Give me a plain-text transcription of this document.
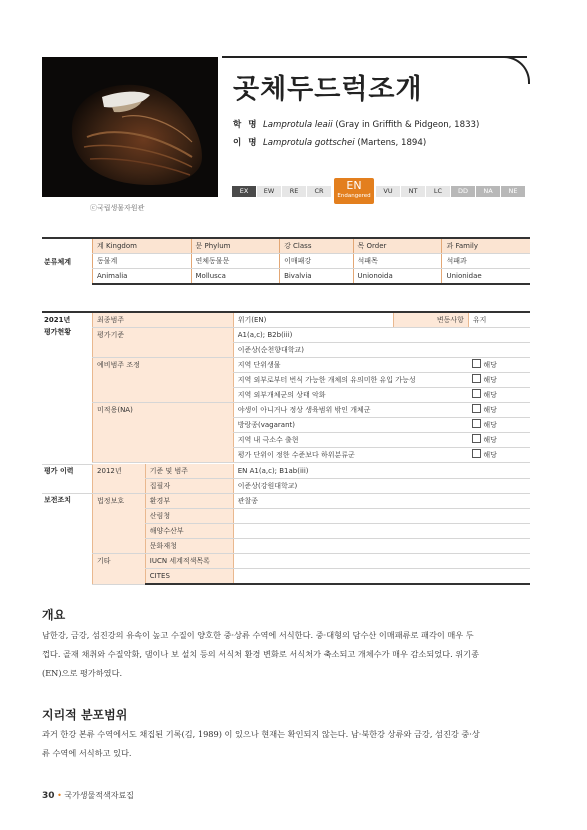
ⓒ국립생물자원관
곳체두드럭조개
학 명 Lamprotula leaii (Gray in Griffith & Pidgeon, 1833)
이 명 Lamprotula gottschei (Martens, 1894)
EX	EW	RE	CR	EN
Endangered
VU	NT	LC	DD	NA	NE
분류체계	계 Kingdom	문 Phylum	강 Class	목 Order	과 Family
	동물계	연체동물문	이매패강	석패목	석패과
	Animalia	Mollusca	Bivalvia	Unionoida	Unionidae
2021년
평가현황	최종범주		위기(EN)	변동사항	유지
	평가기준		A1(a,c); B2b(iii)		
			이준상(순천향대학교)		
	예비범주 조정		지역 단위생물		해당
			지역 외부로부터 번식 가능한 개체의 유의미한 유입 가능성		해당
			지역 외부개체군의 상태 악화		해당
	미적용(NA)		야생이 아니거나 정상 생육범위 밖인 개체군		해당
			방랑종(vagarant)		해당
			지역 내 극소수 출현		해당
			평가 단위이 정한 수준보다 하위분류군		해당

평가 이력	2012년	기준 및 범주	EN A1(a,c); B1ab(iii)		
		집필자	이준상(강원대학교)		
보전조치	법정보호	환경부	관찰종		
		산림청			
		해양수산부			
		문화재청			
	기타	IUCN 세계적색목록			
		CITES			
개요
남한강, 금강, 섬진강의 유속이 높고 수질이 양호한 중·상류 수역에 서식한다. 중·대형의 담수산 이매패류로 패각이 매우 두
껍다. 골재 채취와 수질악화, 댐이나 보 설치 등의 서식처 환경 변화로 서식처가 축소되고 개체수가 매우 감소되었다. 위기종
(EN)으로 평가하였다.
지리적 분포범위
과거 한강 본류 수역에서도 채집된 기록(김, 1989) 이 있으나 현재는 확인되지 않는다. 남·북한강 상류와 금강, 섬진강 중·상
류 수역에 서식하고 있다.
30 • 국가생물적색자료집
